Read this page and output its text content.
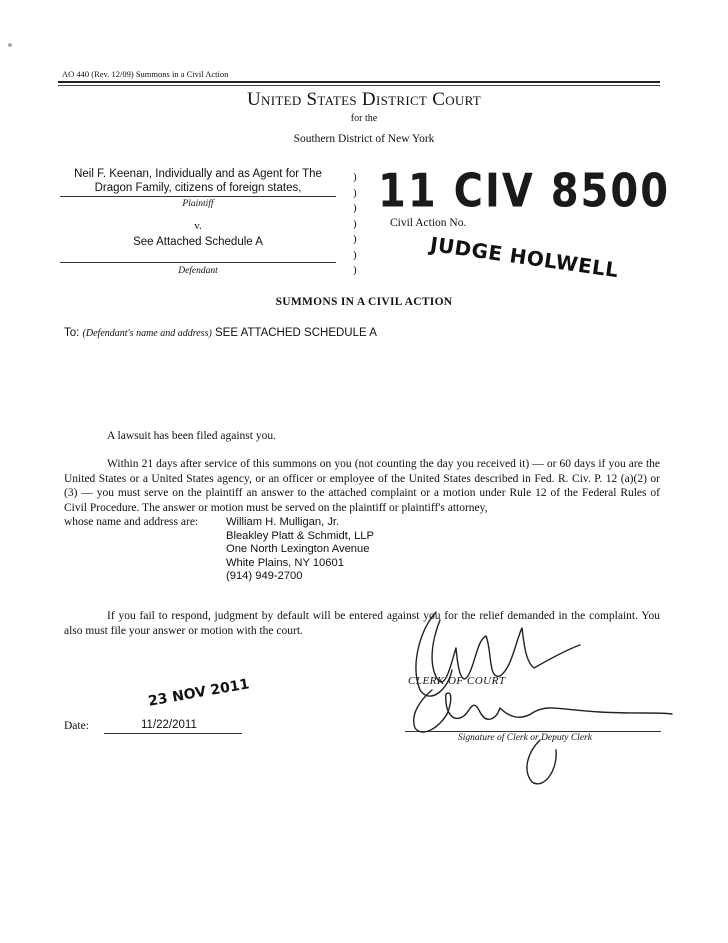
AO 440 (Rev. 12/09) Summons in a Civil Action
United States District Court
for the
Southern District of New York
Neil F. Keenan, Individually and as Agent for The
Dragon Family, citizens of foreign states,
Plaintiff
v.
See Attached Schedule A
Defendant
)
)
)
)
)
)
)
11 CIV 8500
Civil Action No.
JUDGE HOLWELL
SUMMONS IN A CIVIL ACTION
To: (Defendant's name and address) SEE ATTACHED SCHEDULE A
A lawsuit has been filed against you.
Within 21 days after service of this summons on you (not counting the day you received it) — or 60 days if you are the United States or a United States agency, or an officer or employee of the United States described in Fed. R. Civ. P. 12 (a)(2) or (3) — you must serve on the plaintiff an answer to the attached complaint or a motion under Rule 12 of the Federal Rules of Civil Procedure. The answer or motion must be served on the plaintiff or plaintiff's attorney,
whose name and address are: William H. Mulligan, Jr.
Bleakley Platt & Schmidt, LLP
One North Lexington Avenue
White Plains, NY 10601
(914) 949-2700
If you fail to respond, judgment by default will be entered against you for the relief demanded in the complaint. You also must file your answer or motion with the court.
CLERK OF COURT
Signature of Clerk or Deputy Clerk
Date:
23 NOV 2011
11/22/2011
